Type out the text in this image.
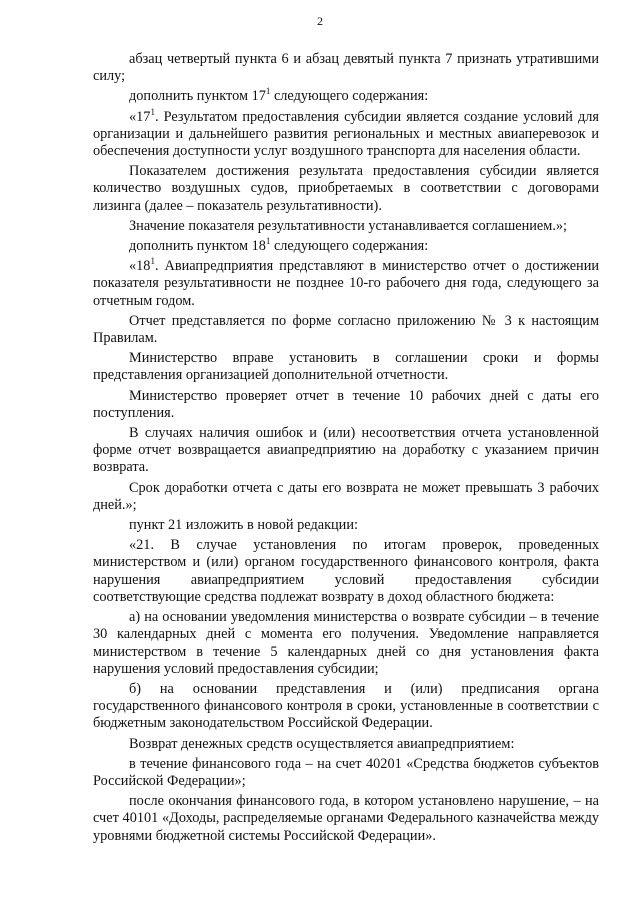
2

абзац четвертый пункта 6 и абзац девятый пункта 7 признать утратившими силу;

дополнить пунктом $17^1$ следующего содержания:

«$17^1$. Результатом предоставления субсидии является создание условий для организации и дальнейшего развития региональных и местных авиаперевозок и обеспечения доступности услуг воздушного транспорта для населения области.

Показателем достижения результата предоставления субсидии является количество воздушных судов, приобретаемых в соответствии с договорами лизинга (далее – показатель результативности).

Значение показателя результативности устанавливается соглашением.»;

дополнить пунктом $18^1$ следующего содержания:

«$18^1$. Авиапредприятия представляют в министерство отчет о достижении показателя результативности не позднее 10-го рабочего дня года, следующего за отчетным годом.

Отчет представляется по форме согласно приложению № 3 к настоящим Правилам.

Министерство вправе установить в соглашении сроки и формы представления организацией дополнительной отчетности.

Министерство проверяет отчет в течение 10 рабочих дней с даты его поступления.

В случаях наличия ошибок и (или) несоответствия отчета установленной форме отчет возвращается авиапредприятию на доработку с указанием причин возврата.

Срок доработки отчета с даты его возврата не может превышать 3 рабочих дней.»;

пункт 21 изложить в новой редакции:

«21. В случае установления по итогам проверок, проведенных министерством и (или) органом государственного финансового контроля, факта нарушения авиапредприятием условий предоставления субсидии соответствующие средства подлежат возврату в доход областного бюджета:

а) на основании уведомления министерства о возврате субсидии – в течение 30 календарных дней с момента его получения. Уведомление направляется министерством в течение 5 календарных дней со дня установления факта нарушения условий предоставления субсидии;

б) на основании представления и (или) предписания органа государственного финансового контроля в сроки, установленные в соответствии с бюджетным законодательством Российской Федерации.

Возврат денежных средств осуществляется авиапредприятием:

в течение финансового года – на счет 40201 «Средства бюджетов субъектов Российской Федерации»;

после окончания финансового года, в котором установлено нарушение, – на счет 40101 «Доходы, распределяемые органами Федерального казначейства между уровнями бюджетной системы Российской Федерации».
